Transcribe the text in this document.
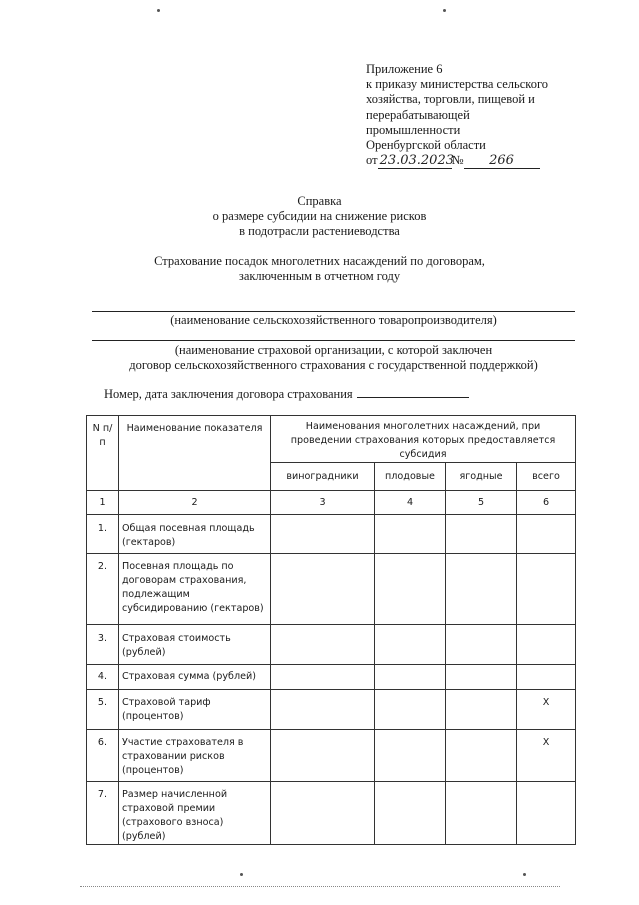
Приложение 6
к приказу министерства сельского
хозяйства, торговли, пищевой и
перерабатывающей
промышленности
Оренбургской области
от 23.03.2023№ 266
Справка
о размере субсидии на снижение рисков
в подотрасли растениеводства
Страхование посадок многолетних насаждений по договорам,
заключенным в отчетном году
(наименование сельскохозяйственного товаропроизводителя)
(наименование страховой организации, с которой заключен
договор сельскохозяйственного страхования с государственной поддержкой)
Номер, дата заключения договора страхования
N п/п	Наименование показателя	Наименования многолетних насаждений, при проведении страхования которых предоставляется субсидия			
		виноградники	плодовые	ягодные	всего
1	2	3	4	5	6
1.	Общая посевная площадь (гектаров)				
2.	Посевная площадь по договорам страхования, подлежащим субсидированию (гектаров)				
3.	Страховая стоимость (рублей)				
4.	Страховая сумма (рублей)				
5.	Страховой тариф (процентов)				X
6.	Участие страхователя в страховании рисков (процентов)				X
7.	Размер начисленной страховой премии (страхового взноса) (рублей)				
